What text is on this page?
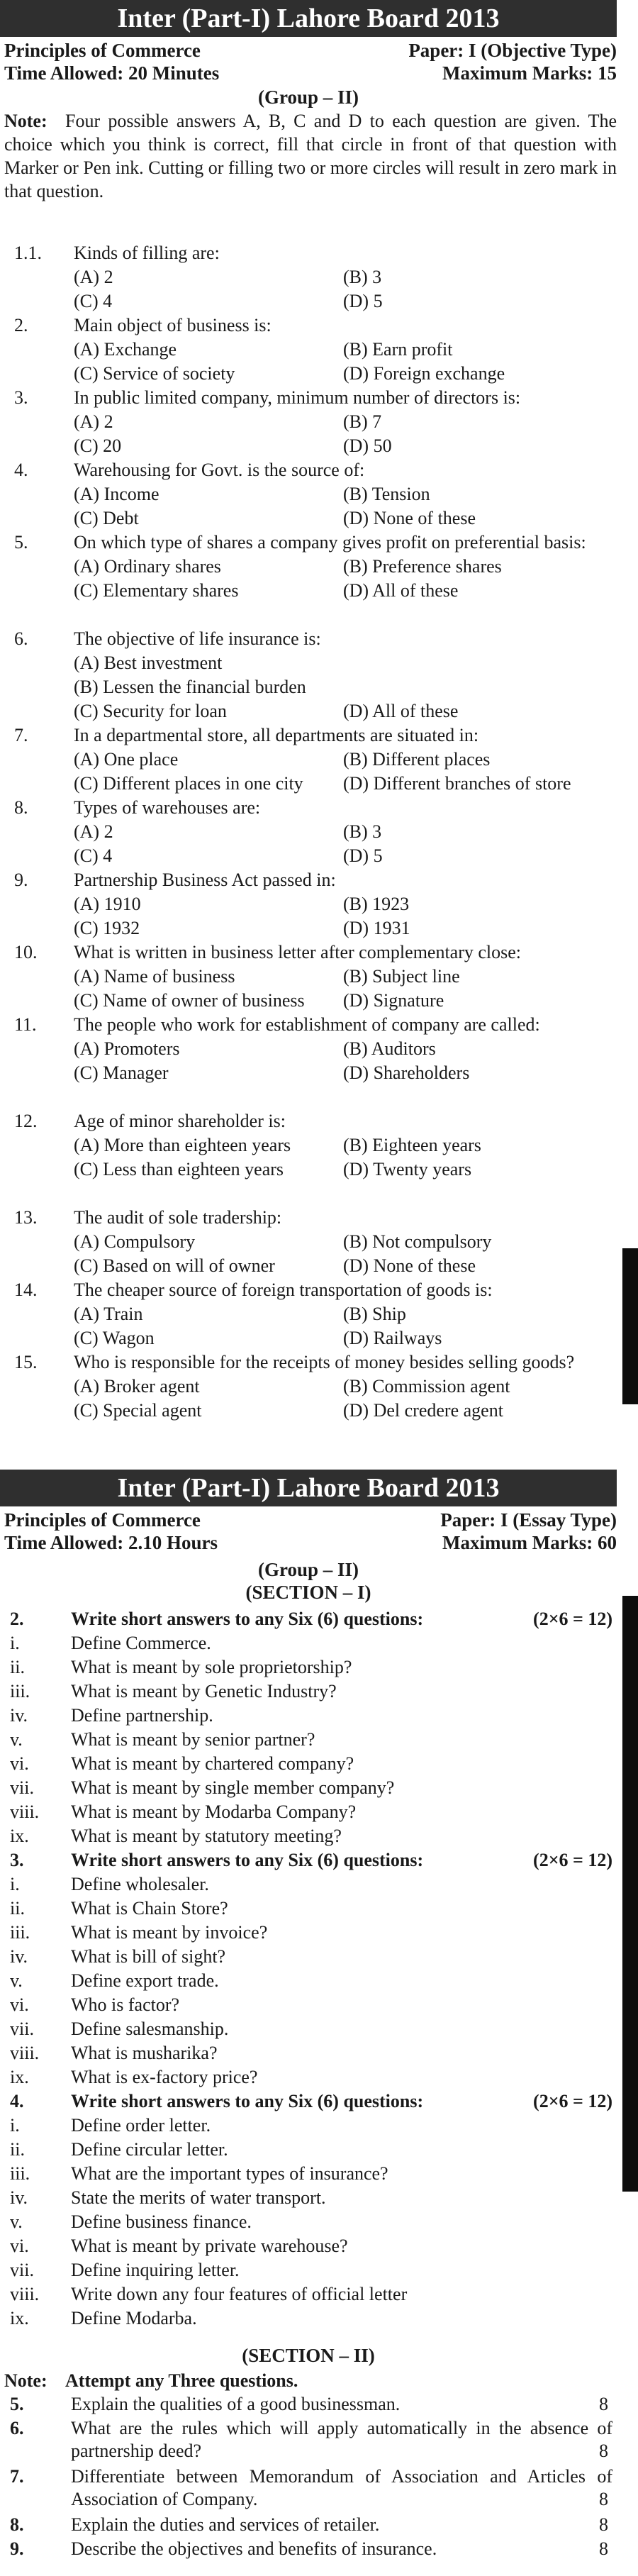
Inter (Part-I) Lahore Board 2013
Principles of Commerce	Paper: I (Objective Type)
Time Allowed: 20 Minutes	Maximum Marks: 15
(Group – II)
Note: Four possible answers A, B, C and D to each question are given. The choice which you think is correct, fill that circle in front of that question with Marker or Pen ink. Cutting or filling two or more circles will result in zero mark in that question.
1.1. Kinds of filling are:
(A) 2	(B) 3
(C) 4	(D) 5
2. Main object of business is:
(A) Exchange	(B) Earn profit
(C) Service of society	(D) Foreign exchange
3. In public limited company, minimum number of directors is:
(A) 2	(B) 7
(C) 20	(D) 50
4. Warehousing for Govt. is the source of:
(A) Income	(B) Tension
(C) Debt	(D) None of these
5. On which type of shares a company gives profit on preferential basis:
(A) Ordinary shares	(B) Preference shares
(C) Elementary shares	(D) All of these
6. The objective of life insurance is:
(A) Best investment
(B) Lessen the financial burden
(C) Security for loan	(D) All of these
7. In a departmental store, all departments are situated in:
(A) One place	(B) Different places
(C) Different places in one city	(D) Different branches of store
8. Types of warehouses are:
(A) 2	(B) 3
(C) 4	(D) 5
9. Partnership Business Act passed in:
(A) 1910	(B) 1923
(C) 1932	(D) 1931
10. What is written in business letter after complementary close:
(A) Name of business	(B) Subject line
(C) Name of owner of business	(D) Signature
11. The people who work for establishment of company are called:
(A) Promoters	(B) Auditors
(C) Manager	(D) Shareholders
12. Age of minor shareholder is:
(A) More than eighteen years	(B) Eighteen years
(C) Less than eighteen years	(D) Twenty years
13. The audit of sole tradership:
(A) Compulsory	(B) Not compulsory
(C) Based on will of owner	(D) None of these
14. The cheaper source of foreign transportation of goods is:
(A) Train	(B) Ship
(C) Wagon	(D) Railways
15. Who is responsible for the receipts of money besides selling goods?
(A) Broker agent	(B) Commission agent
(C) Special agent	(D) Del credere agent
Inter (Part-I) Lahore Board 2013
Principles of Commerce	Paper: I (Essay Type)
Time Allowed: 2.10 Hours	Maximum Marks: 60
(Group – II)
(SECTION – I)
2.	Write short answers to any Six (6) questions:	(2×6 = 12)
i.	Define Commerce.
ii.	What is meant by sole proprietorship?
iii. What is meant by Genetic Industry?
iv. Define partnership.
v.	What is meant by senior partner?
vi. What is meant by chartered company?
vii. What is meant by single member company?
viii. What is meant by Modarba Company?
ix. What is meant by statutory meeting?
3.	Write short answers to any Six (6) questions:	(2×6 = 12)
i.	Define wholesaler.
ii.	What is Chain Store?
iii. What is meant by invoice?
iv. What is bill of sight?
v.	Define export trade.
vi. Who is factor?
vii. Define salesmanship.
viii. What is musharika?
ix. What is ex-factory price?
4.	Write short answers to any Six (6) questions:	(2×6 = 12)
i.	Define order letter.
ii.	Define circular letter.
iii. What are the important types of insurance?
iv. State the merits of water transport.
v.	Define business finance.
vi. What is meant by private warehouse?
vii. Define inquiring letter.
viii. Write down any four features of official letter
ix. Define Modarba.
(SECTION – II)
Note: Attempt any Three questions.
5.	Explain the qualities of a good businessman.	8
6.	What are the rules which will apply automatically in the absence of partnership deed?	8
7.	Differentiate between Memorandum of Association and Articles of Association of Company.	8
8.	Explain the duties and services of retailer.	8
9.	Describe the objectives and benefits of insurance.	8
